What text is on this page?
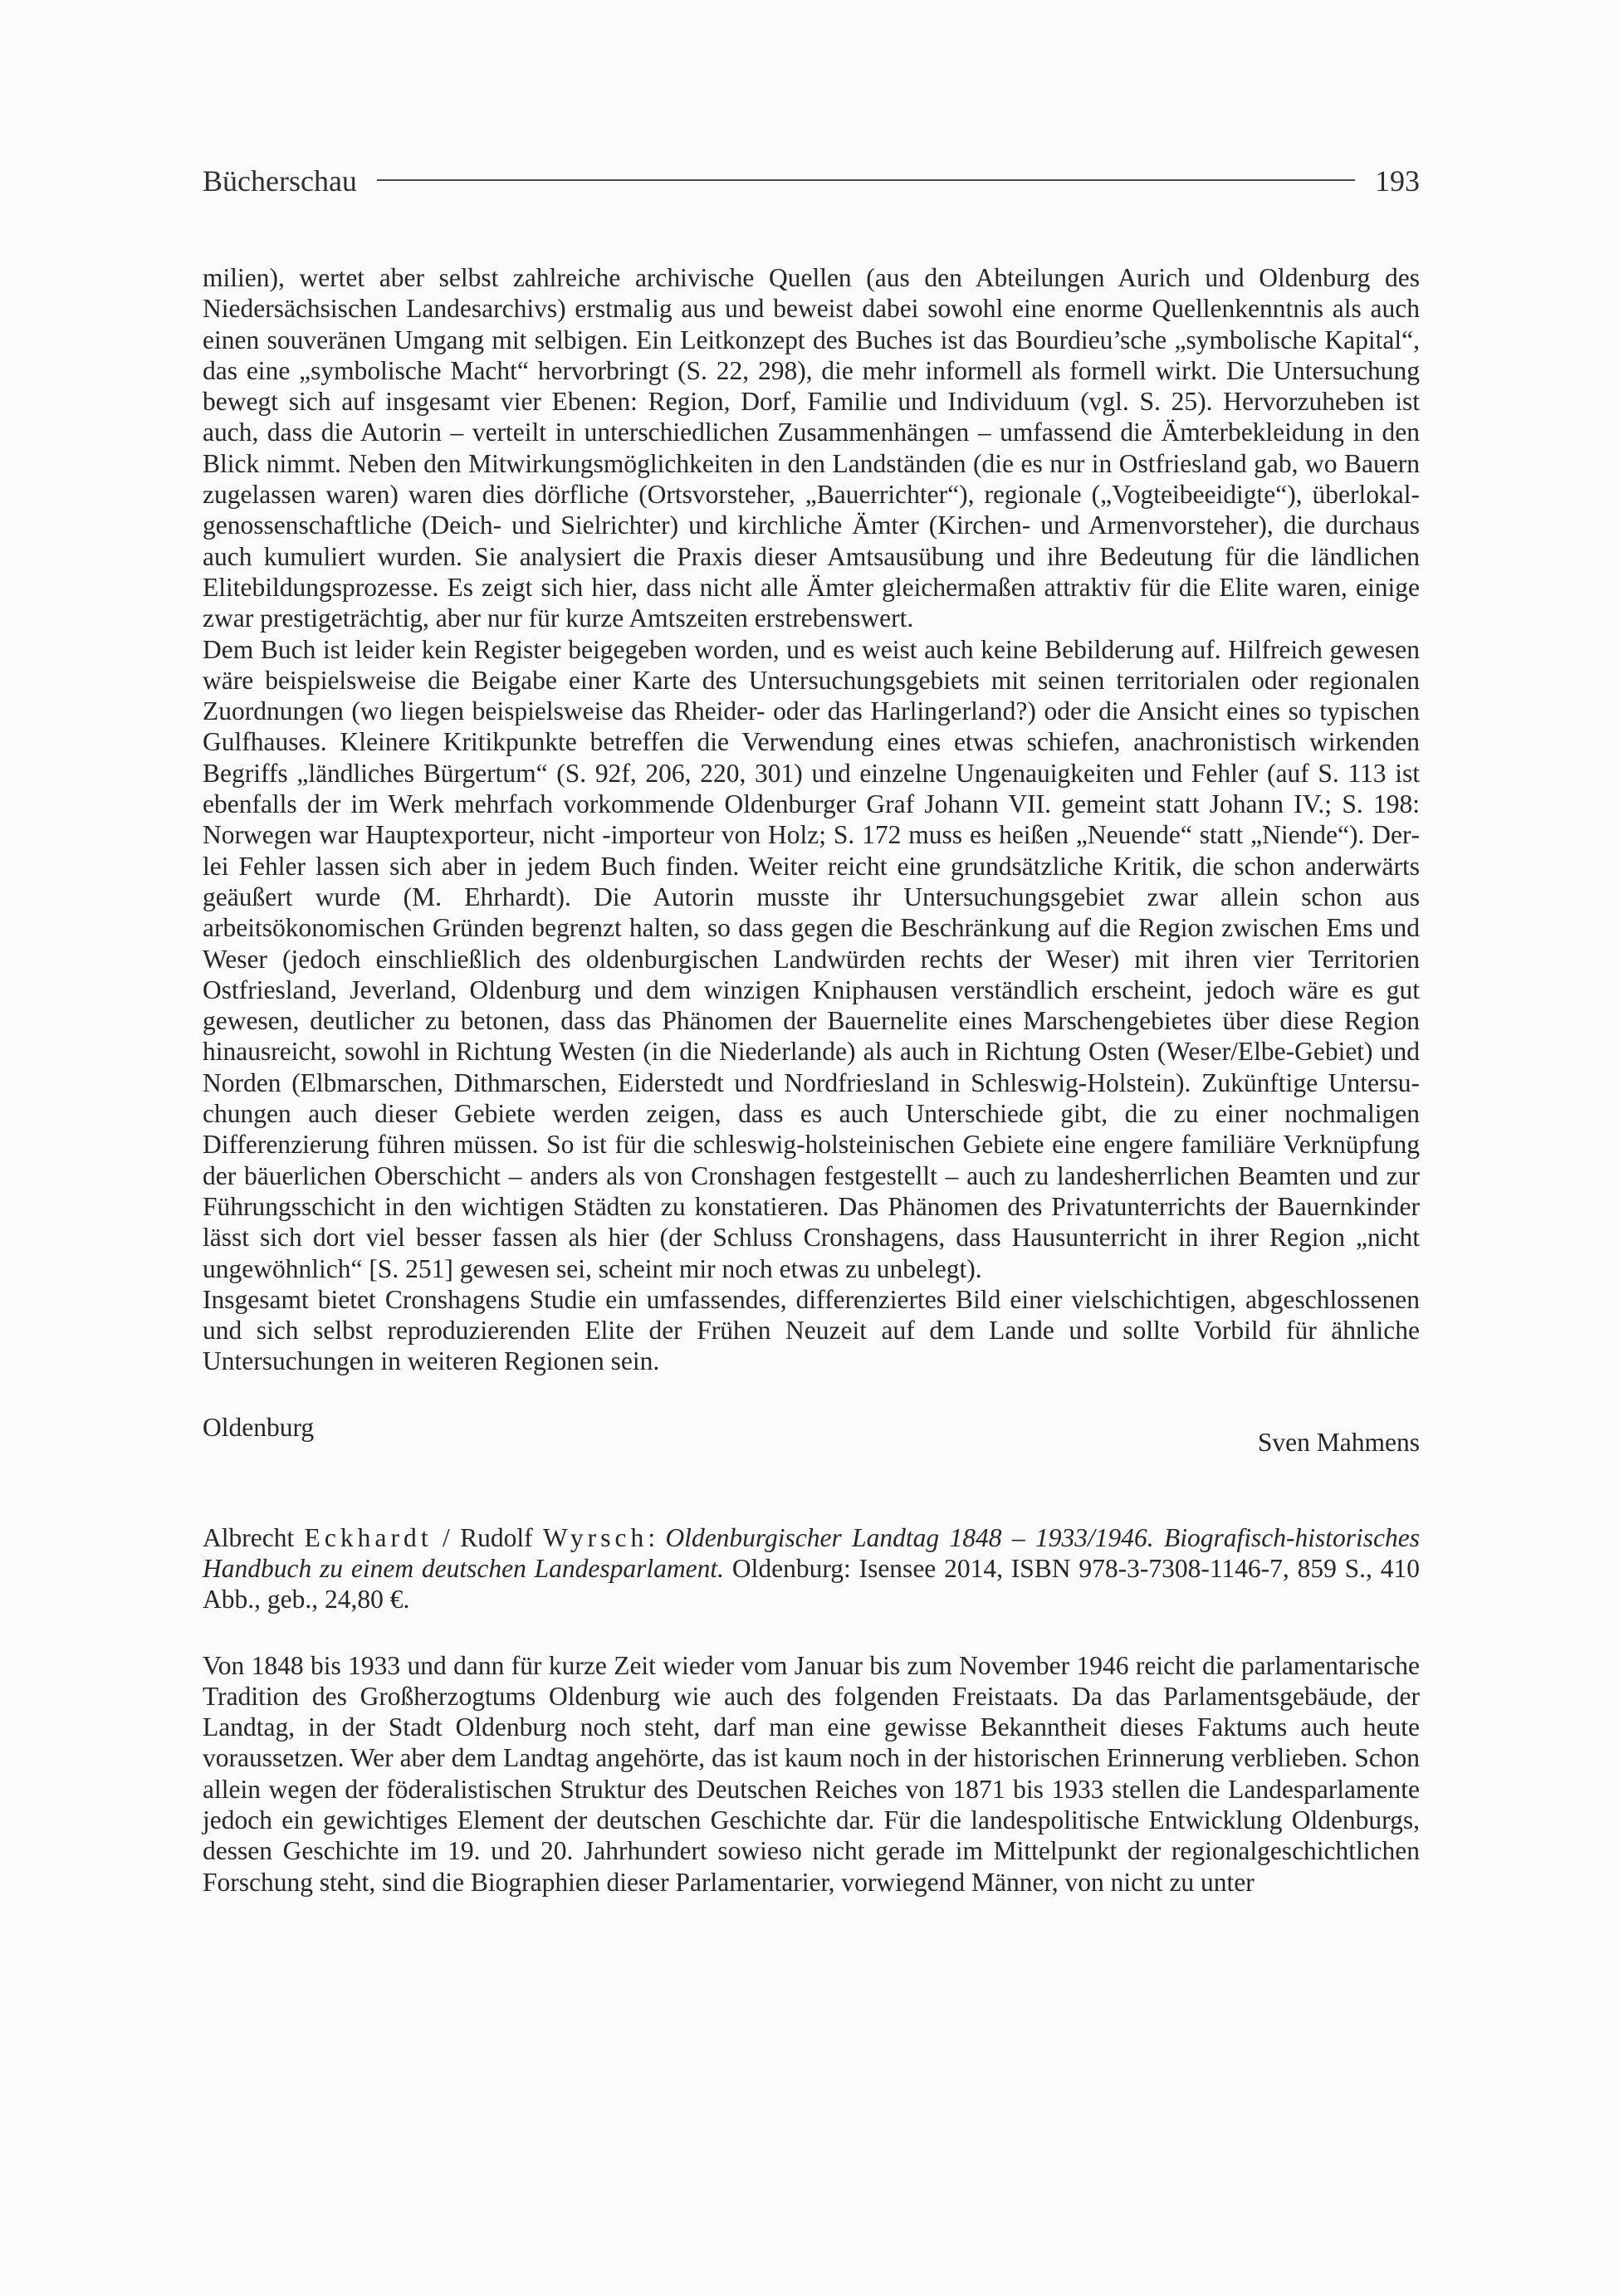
Bücherschau	193

milien), wertet aber selbst zahlreiche archivische Quellen (aus den Abteilungen Aurich und Oldenburg des Niedersächsischen Landesarchivs) erstmalig aus und beweist dabei sowohl eine enorme Quellenkenntnis als auch einen souveränen Umgang mit selbigen. Ein Leitkonzept des Buches ist das Bourdieu’sche „symbolische Kapital“, das eine „symbolische Macht“ hervorbringt (S. 22, 298), die mehr informell als formell wirkt. Die Untersuchung bewegt sich auf insgesamt vier Ebenen: Region, Dorf, Familie und Individuum (vgl. S. 25). Hervorzuheben ist auch, dass die Autorin – verteilt in unterschiedlichen Zusammenhängen – umfassend die Ämterbekleidung in den Blick nimmt. Neben den Mitwirkungsmöglichkeiten in den Landständen (die es nur in Ostfriesland gab, wo Bauern zugelassen waren) waren dies dörfliche (Ortsvorsteher, „Bauerrichter“), regionale („Vogteibeeidigte“), überlokal-genossenschaftliche (Deich- und Sielrichter) und kirchliche Ämter (Kirchen- und Armenvorsteher), die durchaus auch kumuliert wurden. Sie analysiert die Praxis dieser Amtsausübung und ihre Bedeutung für die ländlichen Elitebildungsprozesse. Es zeigt sich hier, dass nicht alle Ämter gleichermaßen attraktiv für die Elite waren, einige zwar prestigeträchtig, aber nur für kurze Amtszeiten erstrebenswert.

Dem Buch ist leider kein Register beigegeben worden, und es weist auch keine Bebilderung auf. Hilfreich gewesen wäre beispielsweise die Beigabe einer Karte des Untersuchungsgebiets mit seinen territorialen oder regionalen Zuordnungen (wo liegen beispielsweise das Rheider- oder das Harlingerland?) oder die Ansicht eines so typischen Gulfhauses. Kleinere Kritikpunkte betreffen die Verwendung eines etwas schiefen, anachronistisch wirkenden Begriffs „ländliches Bürgertum“ (S. 92f, 206, 220, 301) und einzelne Ungenauigkeiten und Fehler (auf S. 113 ist ebenfalls der im Werk mehrfach vorkommende Oldenburger Graf Johann VII. gemeint statt Johann IV.; S. 198: Norwegen war Hauptexporteur, nicht -importeur von Holz; S. 172 muss es heißen „Neuende“ statt „Niende“). Derlei Fehler lassen sich aber in jedem Buch finden. Weiter reicht eine grundsätzliche Kritik, die schon anderwärts geäußert wurde (M. Ehrhardt). Die Autorin musste ihr Untersuchungsgebiet zwar allein schon aus arbeitsökonomischen Gründen begrenzt halten, so dass gegen die Beschränkung auf die Region zwischen Ems und Weser (jedoch einschließlich des oldenburgischen Landwürden rechts der Weser) mit ihren vier Territorien Ostfriesland, Jeverland, Oldenburg und dem winzigen Kniphausen verständlich erscheint, jedoch wäre es gut gewesen, deutlicher zu betonen, dass das Phänomen der Bauernelite eines Marschengebietes über diese Region hinausreicht, sowohl in Richtung Westen (in die Niederlande) als auch in Richtung Osten (Weser/Elbe-Gebiet) und Norden (Elbmarschen, Dithmarschen, Eiderstedt und Nordfriesland in Schleswig-Holstein). Zukünftige Untersuchungen auch dieser Gebiete werden zeigen, dass es auch Unterschiede gibt, die zu einer nochmaligen Differenzierung führen müssen. So ist für die schleswig-holsteinischen Gebiete eine engere familiäre Verknüpfung der bäuerlichen Oberschicht – anders als von Cronshagen festgestellt – auch zu landesherrlichen Beamten und zur Führungsschicht in den wichtigen Städten zu konstatieren. Das Phänomen des Privatunterrichts der Bauernkinder lässt sich dort viel besser fassen als hier (der Schluss Cronshagens, dass Hausunterricht in ihrer Region „nicht ungewöhnlich“ [S. 251] gewesen sei, scheint mir noch etwas zu unbelegt).

Insgesamt bietet Cronshagens Studie ein umfassendes, differenziertes Bild einer vielschichtigen, abgeschlossenen und sich selbst reproduzierenden Elite der Frühen Neuzeit auf dem Lande und sollte Vorbild für ähnliche Untersuchungen in weiteren Regionen sein.

Oldenburg
Sven Mahmens
Albrecht Eckhardt / Rudolf Wyrsch: Oldenburgischer Landtag 1848 – 1933/1946. Biografisch-historisches Handbuch zu einem deutschen Landesparlament. Oldenburg: Isensee 2014, ISBN 978-3-7308-1146-7, 859 S., 410 Abb., geb., 24,80 €.

Von 1848 bis 1933 und dann für kurze Zeit wieder vom Januar bis zum November 1946 reicht die parlamentarische Tradition des Großherzogtums Oldenburg wie auch des folgenden Freistaats. Da das Parlamentsgebäude, der Landtag, in der Stadt Oldenburg noch steht, darf man eine gewisse Bekanntheit dieses Faktums auch heute voraussetzen. Wer aber dem Landtag angehörte, das ist kaum noch in der historischen Erinnerung verblieben. Schon allein wegen der föderalistischen Struktur des Deutschen Reiches von 1871 bis 1933 stellen die Landesparlamente jedoch ein gewichtiges Element der deutschen Geschichte dar. Für die landespolitische Entwicklung Oldenburgs, dessen Geschichte im 19. und 20. Jahrhundert sowieso nicht gerade im Mittelpunkt der regionalgeschichtlichen Forschung steht, sind die Biographien dieser Parlamentarier, vorwiegend Männer, von nicht zu unter
